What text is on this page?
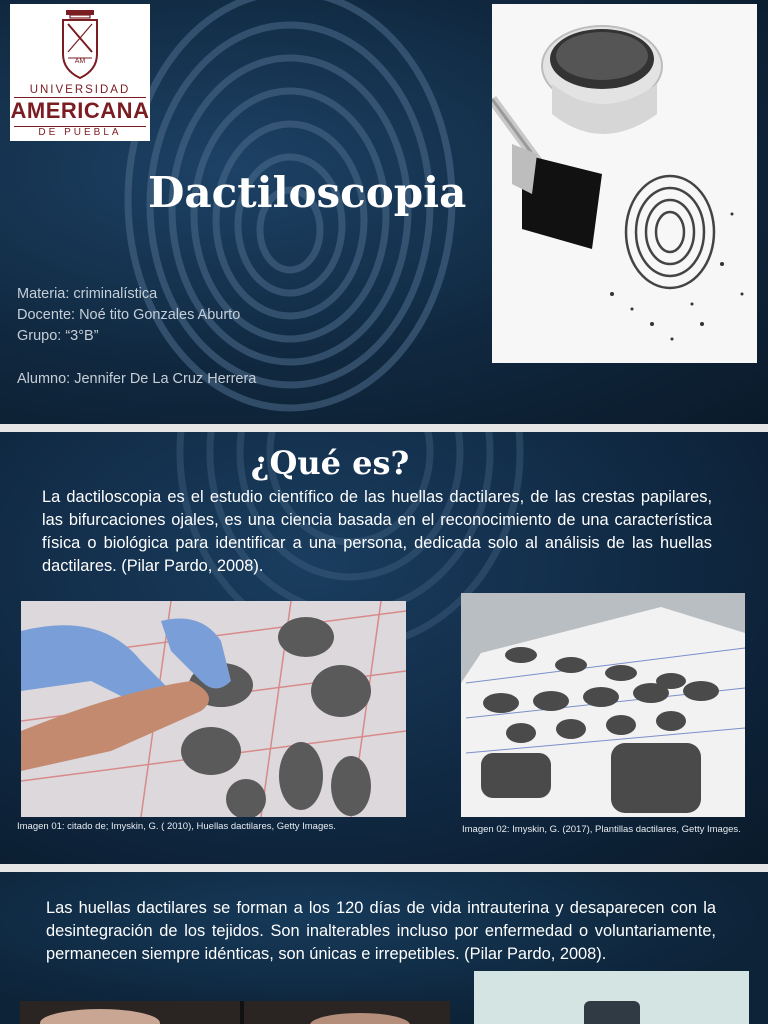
AM
UNIVERSIDAD
AMERICANA
DE PUEBLA
Dactiloscopia
Materia: criminalística
Docente: Noé tito Gonzales Aburto
Grupo: “3°B”
Alumno: Jennifer De La Cruz Herrera
¿Qué es?
La dactiloscopia es el estudio científico de las huellas dactilares, de las crestas papilares, las bifurcaciones ojales, es una ciencia basada en el reconocimiento de una característica física o biológica para identificar a una persona, dedicada solo al análisis de las huellas dactilares. (Pilar Pardo, 2008).
Imagen 01: citado de; Imyskin, G. ( 2010), Huellas dactilares, Getty Images.	Imagen 02: Imyskin, G. (2017), Plantillas dactilares, Getty Images.
Las huellas dactilares se forman a los 120 días de vida intrauterina y desaparecen con la desintegración de los tejidos. Son inalterables incluso por enfermedad o voluntariamente, permanecen siempre idénticas, son únicas e irrepetibles. (Pilar Pardo, 2008).
